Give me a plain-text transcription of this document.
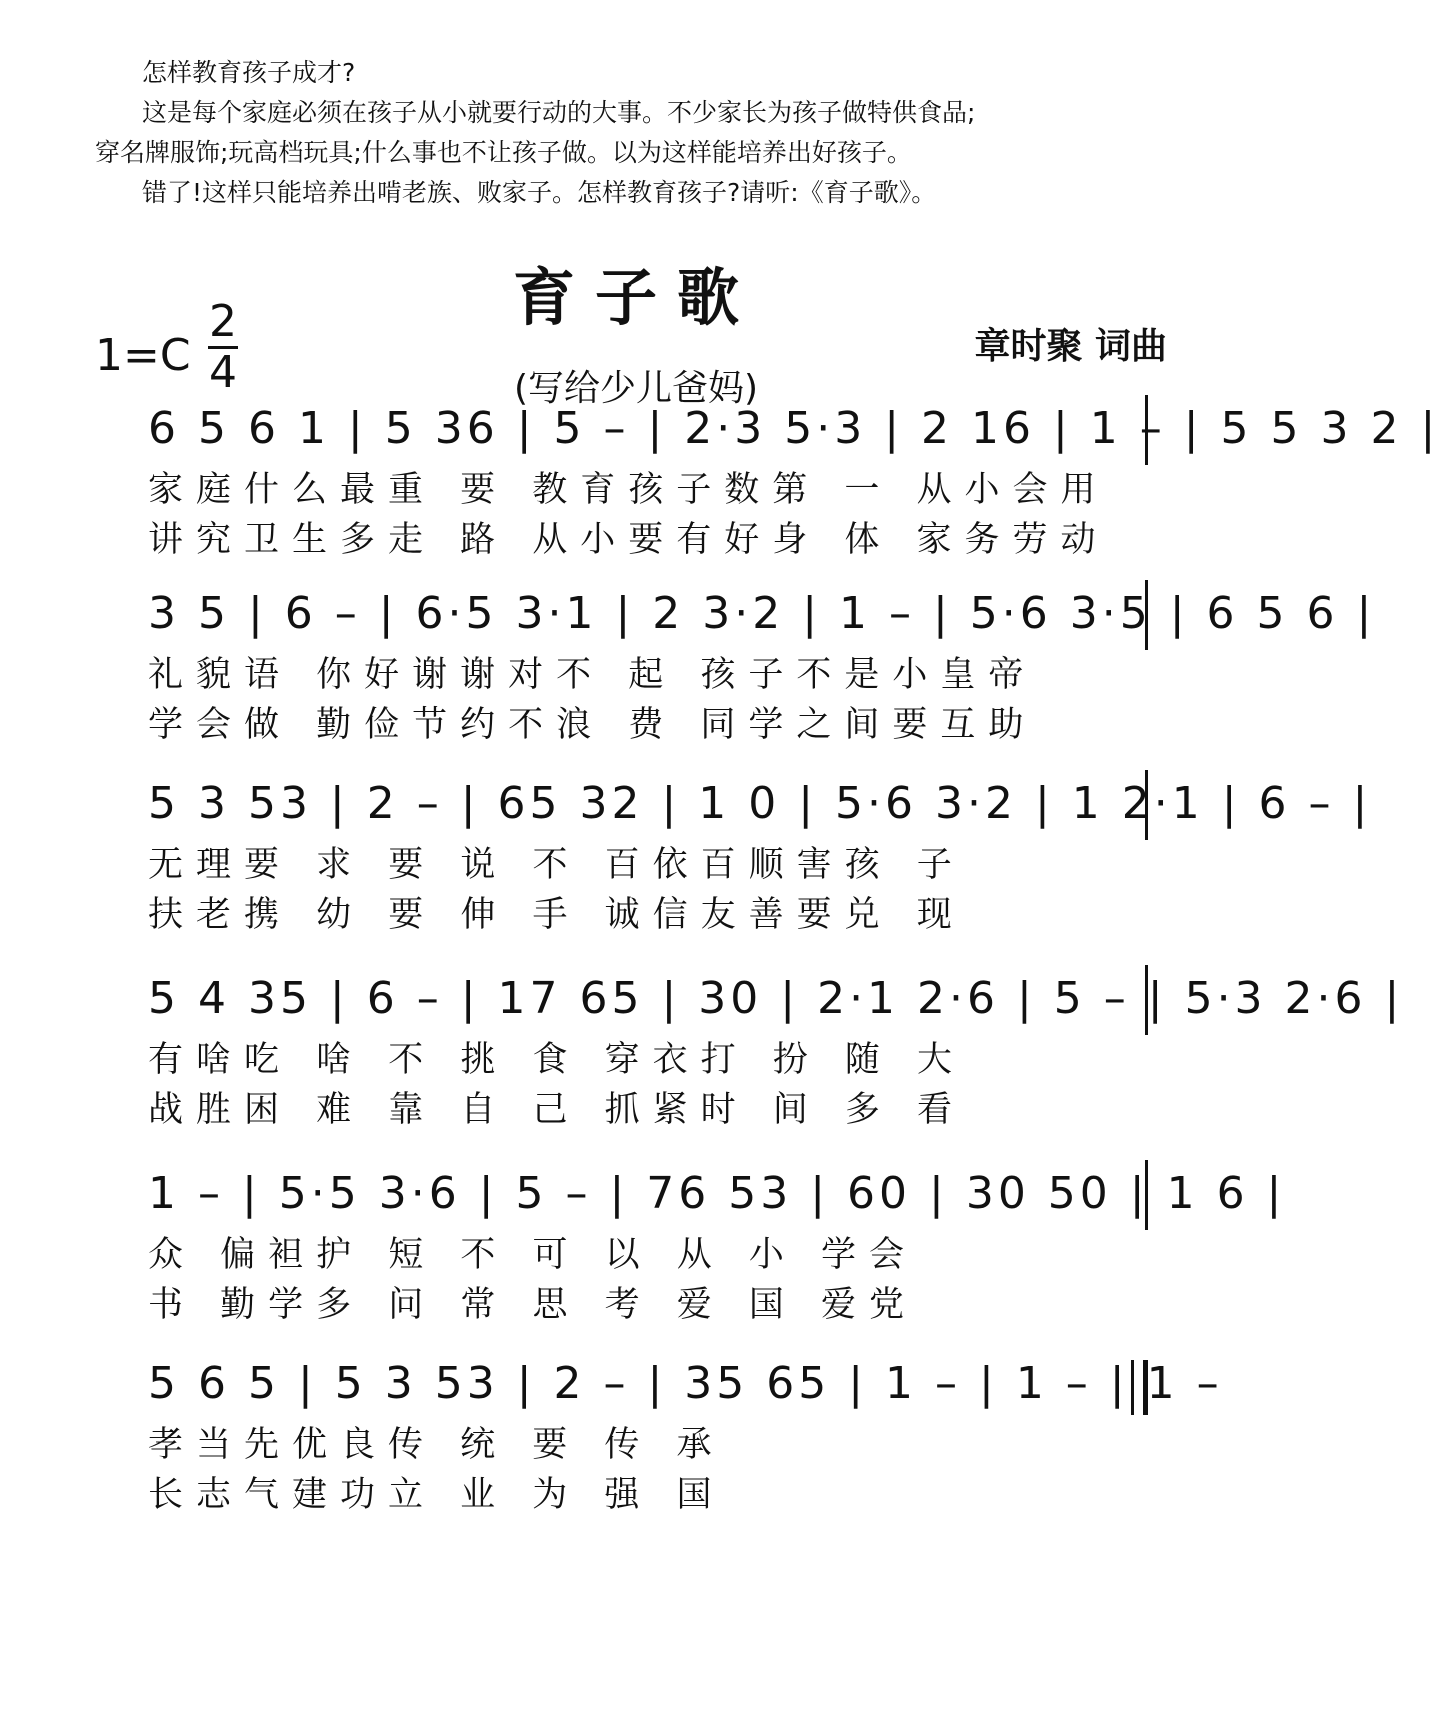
怎样教育孩子成才?
这是每个家庭必须在孩子从小就要行动的大事。不少家长为孩子做特供食品;
穿名牌服饰;玩高档玩具;什么事也不让孩子做。以为这样能培养出好孩子。
错了!这样只能培养出啃老族、败家子。怎样教育孩子?请听:《育子歌》。
育子歌
1=C
2
4
章时聚 词曲
(写给少儿爸妈)
6 5 6 1 | 5 36 | 5 – | 2·3 5·3 | 2 16 | 1 – | 5 5 3 2 |
家庭什么最重 要 教育孩子数第 一 从小会用
讲究卫生多走 路 从小要有好身 体 家务劳动
3 5 | 6 – | 6·5 3·1 | 2 3·2 | 1 – | 5·6 3·5 | 6 5 6 |
礼貌语 你好谢谢对不 起 孩子不是小皇帝
学会做 勤俭节约不浪 费 同学之间要互助
5 3 53 | 2 – | 65 32 | 1 0 | 5·6 3·2 | 1 2·1 | 6 – |
无理要 求 要 说 不 百依百顺害孩 子
扶老携 幼 要 伸 手 诚信友善要兑 现
5 4 35 | 6 – | 17 65 | 30 | 2·1 2·6 | 5 – | 5·3 2·6 |
有啥吃 啥 不 挑 食 穿衣打 扮 随 大
战胜困 难 靠 自 己 抓紧时 间 多 看
1 – | 5·5 3·6 | 5 – | 76 53 | 60 | 30 50 | 1 6 |
众 偏袒护 短 不 可 以 从 小 学会
书 勤学多 问 常 思 考 爱 国 爱党
5 6 5 | 5 3 53 | 2 – | 35 65 | 1 – | 1 – | 1 –
孝当先优良传 统 要 传 承
长志气建功立 业 为 强 国
